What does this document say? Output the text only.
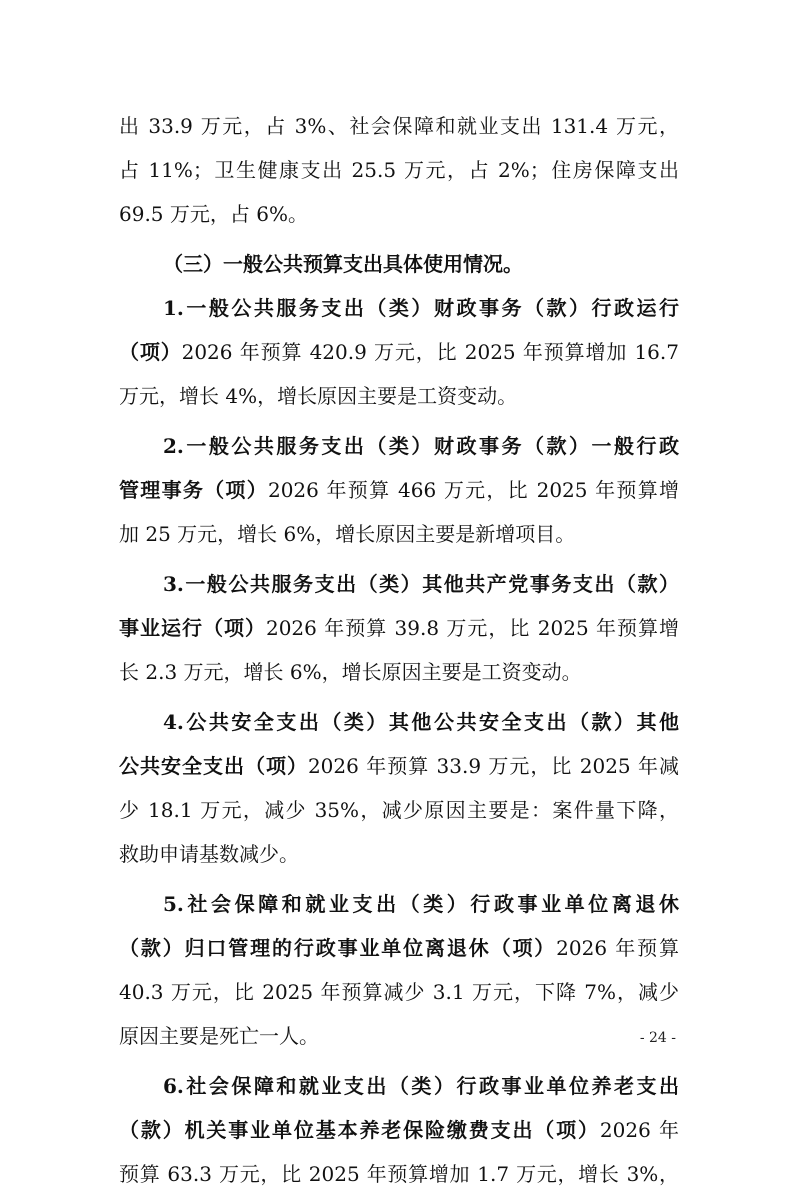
出 33.9 万元，占 3%、社会保障和就业支出 131.4 万元，
占 11%；卫生健康支出 25.5 万元，占 2%；住房保障支出
69.5 万元，占 6%。
（三）一般公共预算支出具体使用情况。
1.一般公共服务支出（类）财政事务（款）行政运行
（项）2026 年预算 420.9 万元，比 2025 年预算增加 16.7
万元，增长 4%，增长原因主要是工资变动。
2.一般公共服务支出（类）财政事务（款）一般行政
管理事务（项）2026 年预算 466 万元，比 2025 年预算增
加 25 万元，增长 6%，增长原因主要是新增项目。
3.一般公共服务支出（类）其他共产党事务支出（款）
事业运行（项）2026 年预算 39.8 万元，比 2025 年预算增
长 2.3 万元，增长 6%，增长原因主要是工资变动。
4.公共安全支出（类）其他公共安全支出（款）其他
公共安全支出（项）2026 年预算 33.9 万元，比 2025 年减
少 18.1 万元，减少 35%，减少原因主要是：案件量下降，
救助申请基数减少。
5.社会保障和就业支出（类）行政事业单位离退休
（款）归口管理的行政事业单位离退休（项）2026 年预算
40.3 万元，比 2025 年预算减少 3.1 万元，下降 7%，减少
原因主要是死亡一人。
6.社会保障和就业支出（类）行政事业单位养老支出
（款）机关事业单位基本养老保险缴费支出（项）2026 年
预算 63.3 万元，比 2025 年预算增加 1.7 万元，增长 3%，
- 24 -
